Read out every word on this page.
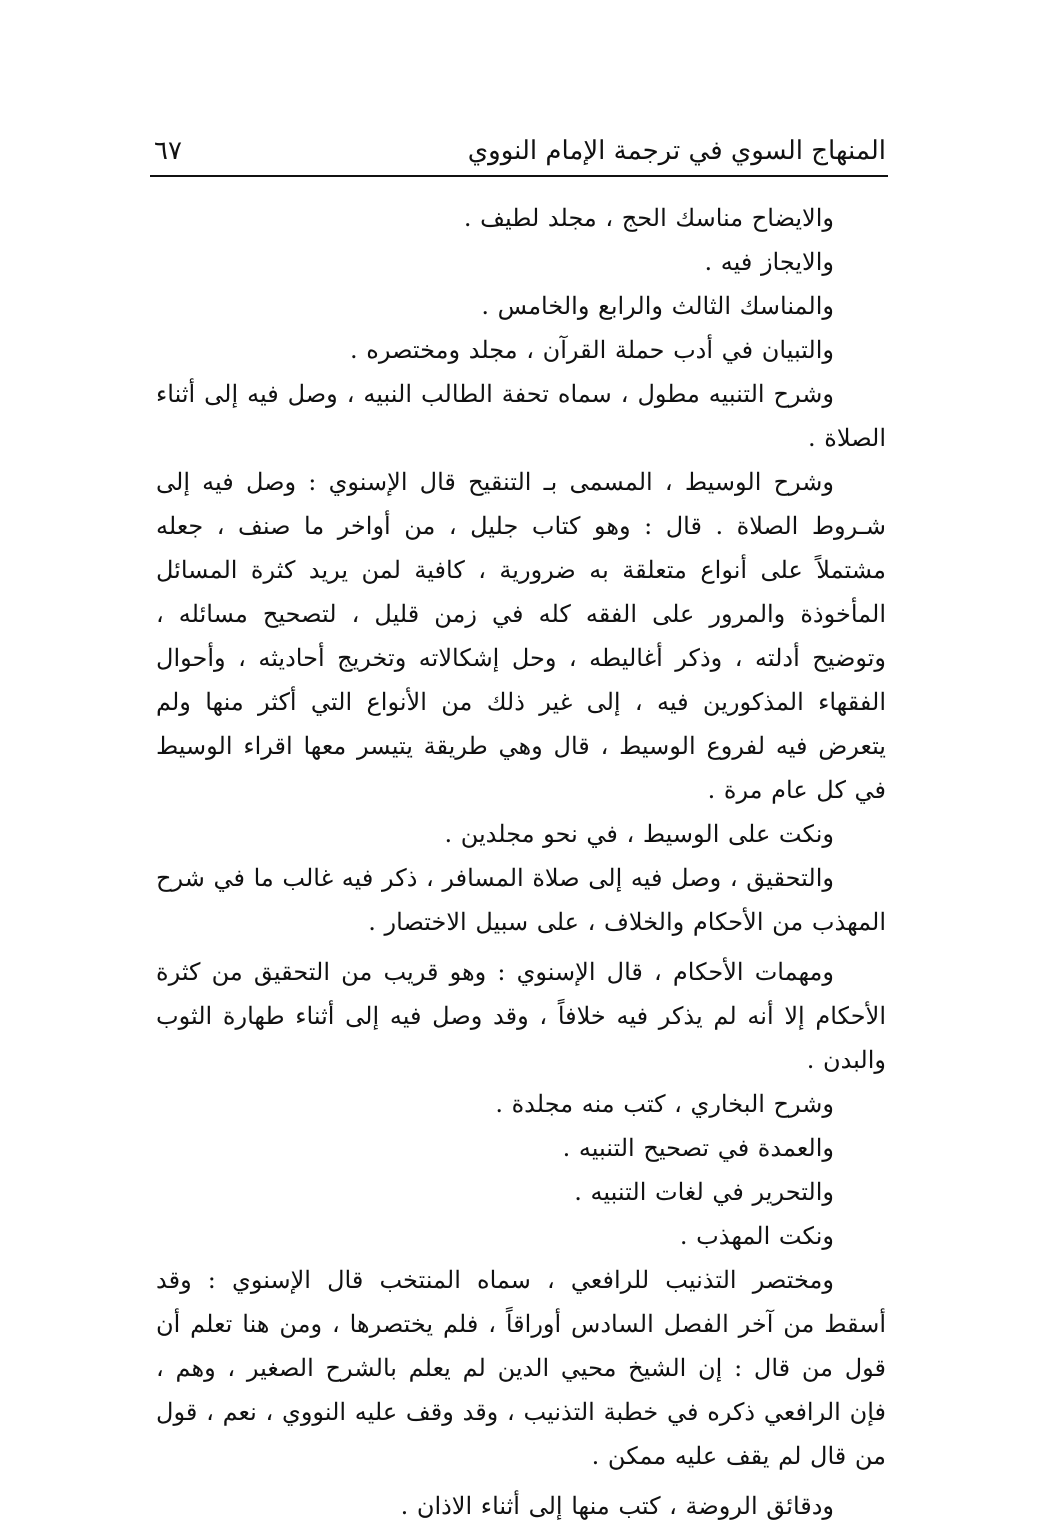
المنهاج السوي في ترجمة الإمام النووي
٦٧

والايضاح مناسك الحج ، مجلد لطيف .

والايجاز فيه .

والمناسك الثالث والرابع والخامس .

والتبيان في أدب حملة القرآن ، مجلد ومختصره .

وشرح التنبيه مطول ، سماه تحفة الطالب النبيه ، وصل فيه إلى أثناء الصلاة .

وشرح الوسيط ، المسمى بـ التنقيح قال الإسنوي : وصل فيه إلى شـروط الصلاة . قال : وهو كتاب جليل ، من أواخر ما صنف ، جعله مشتملاً على أنواع متعلقة به ضرورية ، كافية لمن يريد كثرة المسائل المأخوذة والمرور على الفقه كله في زمن قليل ، لتصحيح مسائله ، وتوضيح أدلته ، وذكر أغاليطه ، وحل إشكالاته وتخريج أحاديثه ، وأحوال الفقهاء المذكورين فيه ، إلى غير ذلك من الأنواع التي أكثر منها ولم يتعرض فيه لفروع الوسيط ، قال وهي طريقة يتيسر معها اقراء الوسيط في كل عام مرة .

ونكت على الوسيط ، في نحو مجلدين .

والتحقيق ، وصل فيه إلى صلاة المسافر ، ذكر فيه غالب ما في شرح المهذب من الأحكام والخلاف ، على سبيل الاختصار .

ومهمات الأحكام ، قال الإسنوي : وهو قريب من التحقيق من كثرة الأحكام إلا أنه لم يذكر فيه خلافاً ، وقد وصل فيه إلى أثناء طهارة الثوب والبدن .

وشرح البخاري ، كتب منه مجلدة .

والعمدة في تصحيح التنبيه .

والتحرير في لغات التنبيه .

ونكت المهذب .

ومختصر التذنيب للرافعي ، سماه المنتخب قال الإسنوي : وقد أسقط من آخر الفصل السادس أوراقاً ، فلم يختصرها ، ومن هنا تعلم أن قول من قال : إن الشيخ محيي الدين لم يعلم بالشرح الصغير ، وهم ، فإن الرافعي ذكره في خطبة التذنيب ، وقد وقف عليه النووي ، نعم ، قول من قال لم يقف عليه ممكن .

ودقائق الروضة ، كتب منها إلى أثناء الاذان .
